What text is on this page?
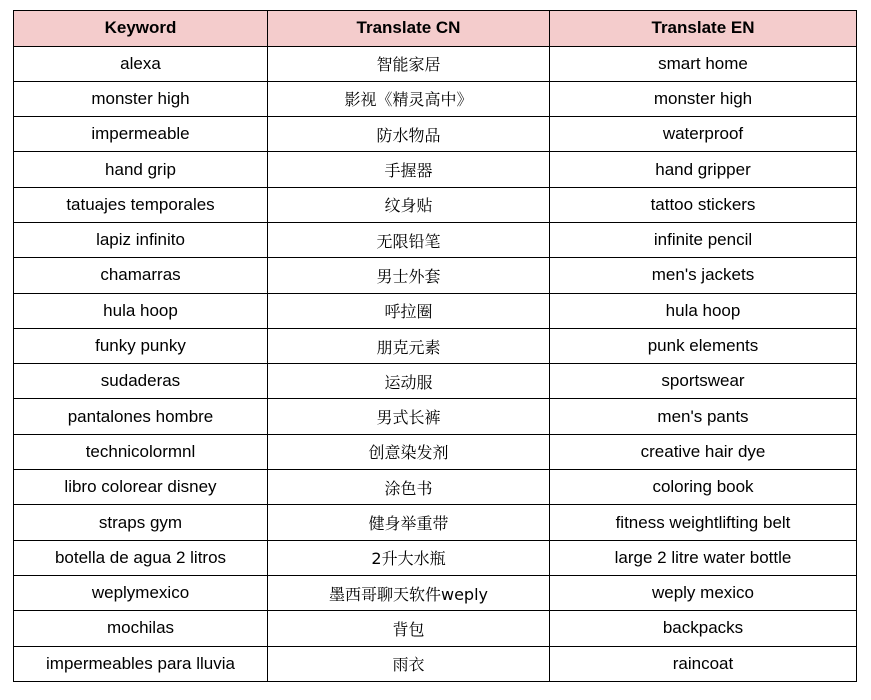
Keyword	Translate CN	Translate EN
alexa	智能家居	smart home
monster high	影视《精灵高中》	monster high
impermeable	防水物品	waterproof
hand grip	手握器	hand gripper
tatuajes temporales	纹身贴	tattoo stickers
lapiz infinito	无限铅笔	infinite pencil
chamarras	男士外套	men's jackets
hula hoop	呼拉圈	hula hoop
funky punky	朋克元素	punk elements
sudaderas	运动服	sportswear
pantalones hombre	男式长裤	men's pants
technicolormnl	创意染发剂	creative hair dye
libro colorear disney	涂色书	coloring book
straps gym	健身举重带	fitness weightlifting belt
botella de agua 2 litros	2升大水瓶	large 2 litre water bottle
weplymexico	墨西哥聊天软件weply	weply mexico
mochilas	背包	backpacks
impermeables para lluvia	雨衣	raincoat
